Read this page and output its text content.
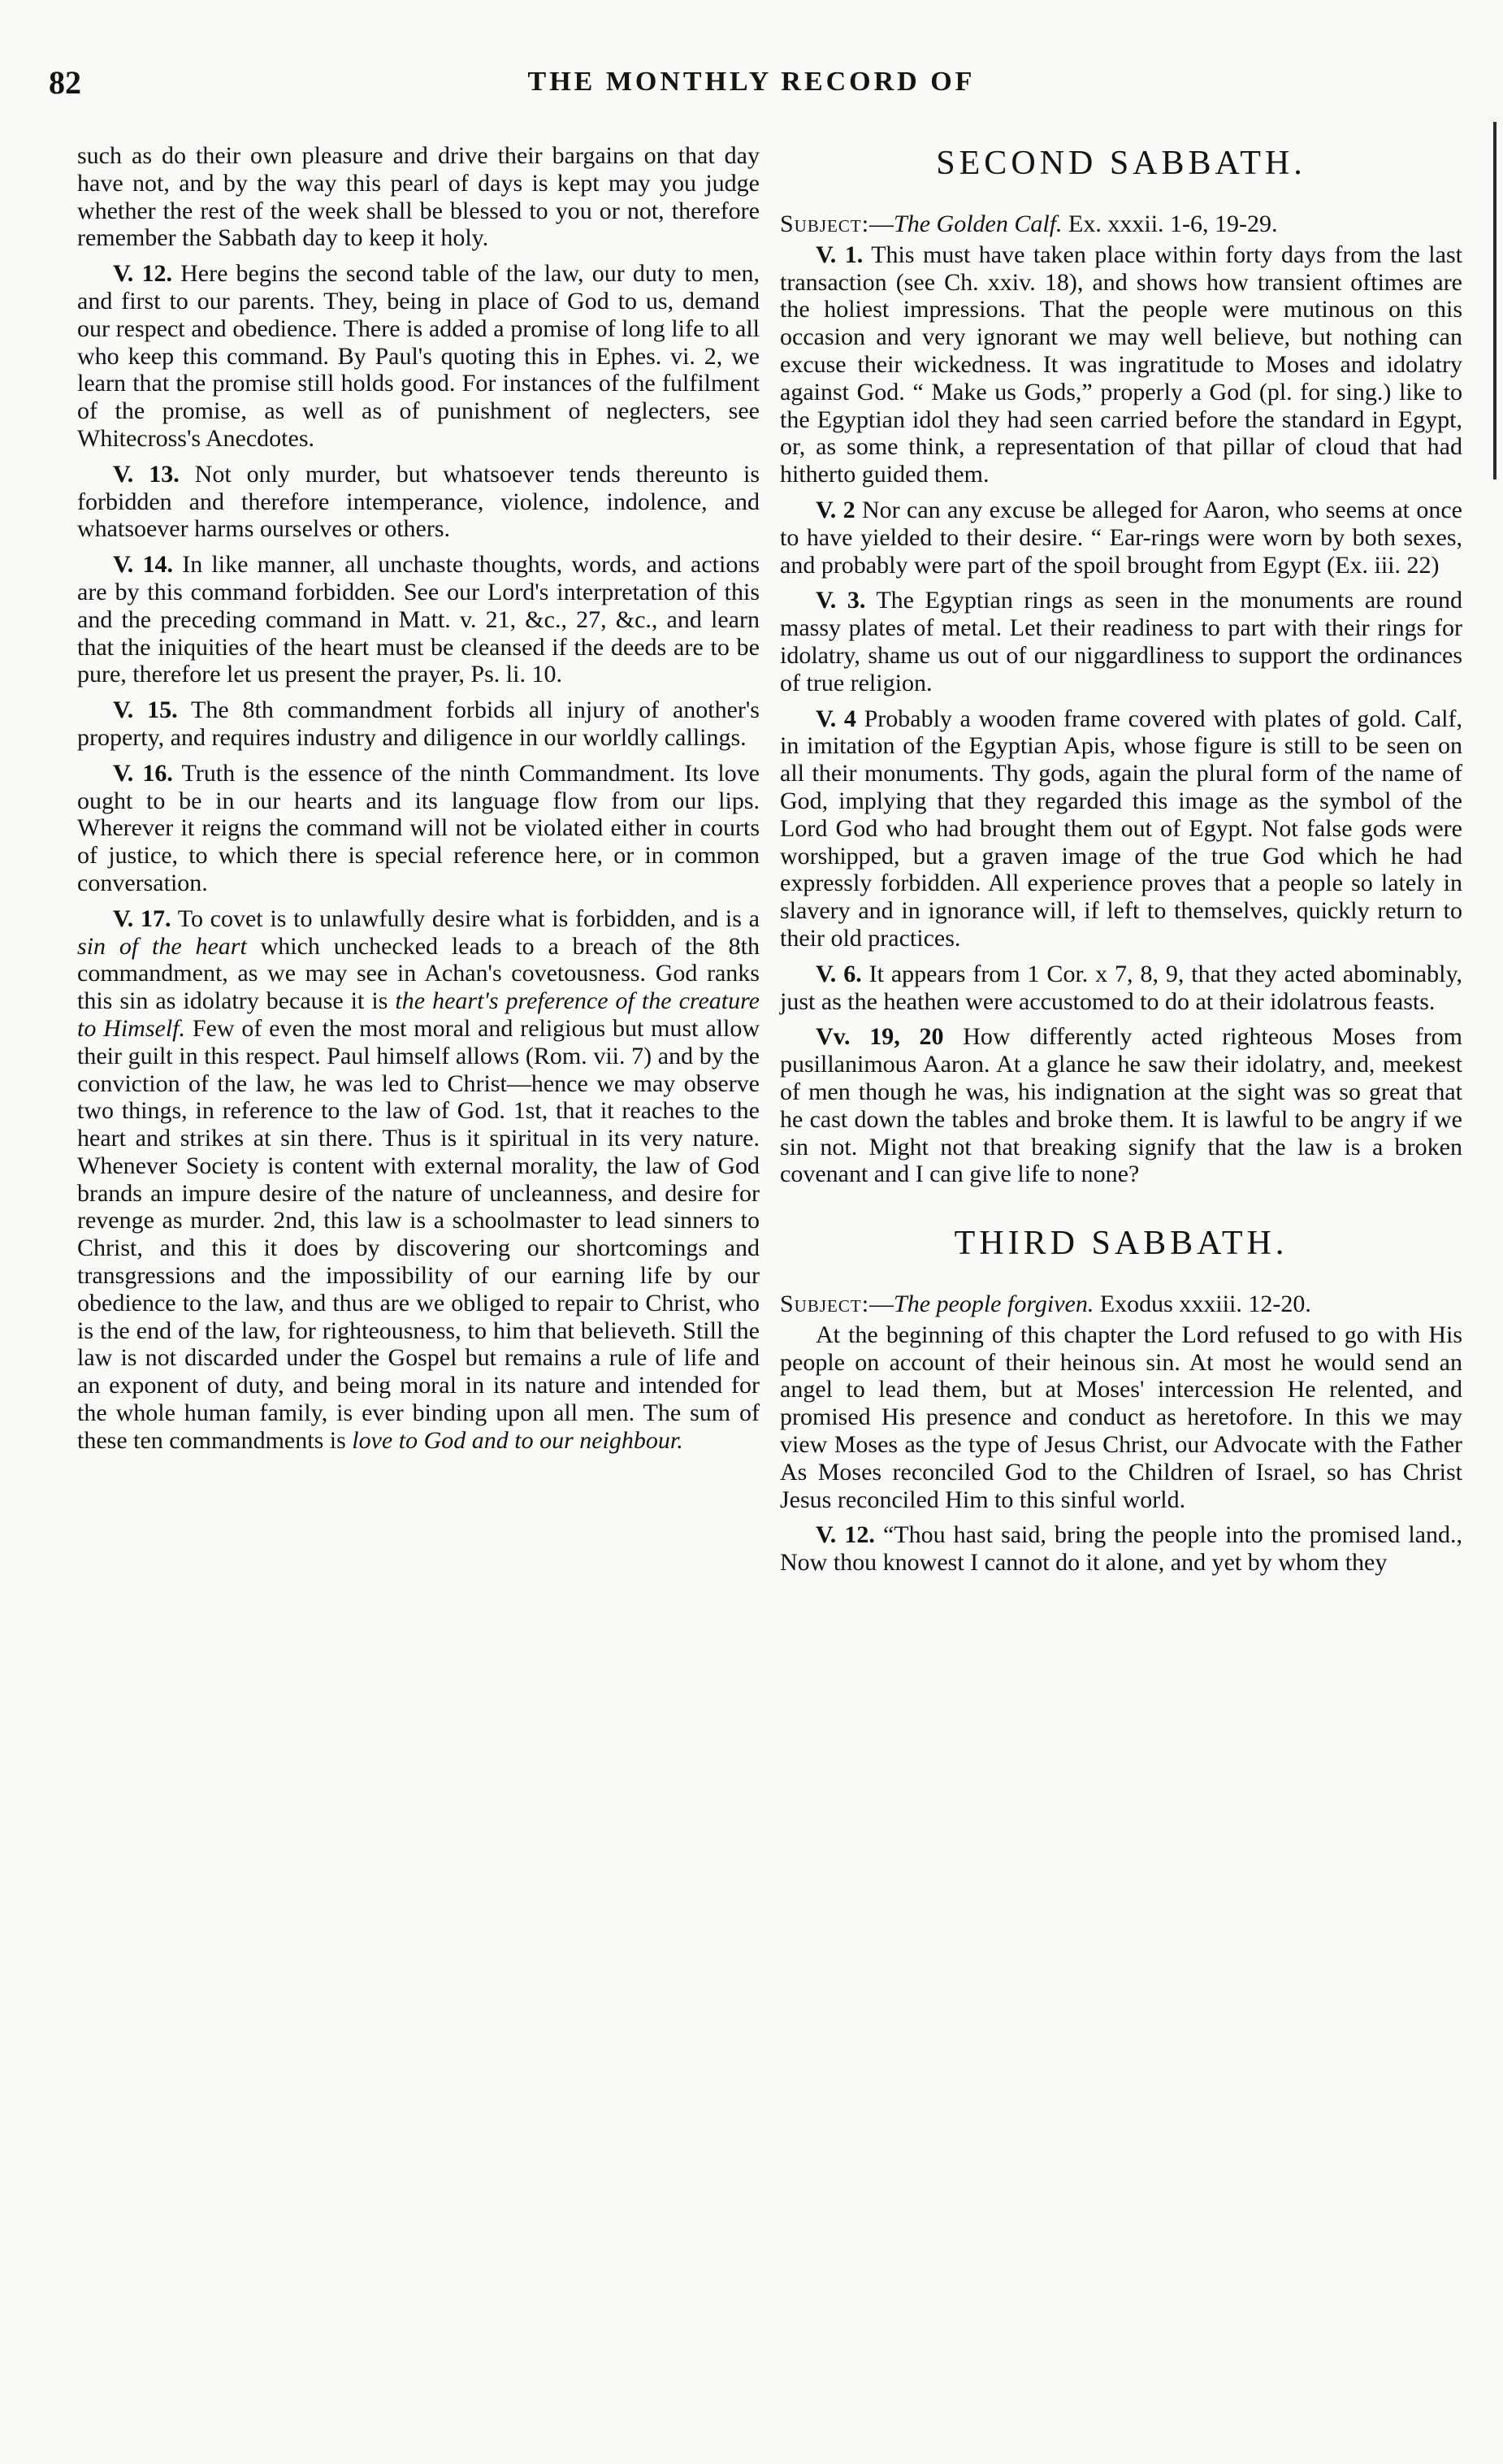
82	THE MONTHLY RECORD OF

such as do their own pleasure and drive their bargains on that day have not, and by the way this pearl of days is kept may you judge whether the rest of the week shall be blessed to you or not, therefore remember the Sabbath day to keep it holy.

V. 12. Here begins the second table of the law, our duty to men, and first to our parents. They, being in place of God to us, demand our respect and obedience. There is added a promise of long life to all who keep this command. By Paul's quoting this in Ephes. vi. 2, we learn that the promise still holds good. For instances of the fulfilment of the promise, as well as of punishment of neglecters, see Whitecross's Anecdotes.

V. 13. Not only murder, but whatsoever tends thereunto is forbidden and therefore intemperance, violence, indolence, and whatsoever harms ourselves or others.

V. 14. In like manner, all unchaste thoughts, words, and actions are by this command forbidden. See our Lord's interpretation of this and the preceding command in Matt. v. 21, &c., 27, &c., and learn that the iniquities of the heart must be cleansed if the deeds are to be pure, therefore let us present the prayer, Ps. li. 10.

V. 15. The 8th commandment forbids all injury of another's property, and requires industry and diligence in our worldly callings.

V. 16. Truth is the essence of the ninth Commandment. Its love ought to be in our hearts and its language flow from our lips. Wherever it reigns the command will not be violated either in courts of justice, to which there is special reference here, or in common conversation.

V. 17. To covet is to unlawfully desire what is forbidden, and is a sin of the heart which unchecked leads to a breach of the 8th commandment, as we may see in Achan's covetousness. God ranks this sin as idolatry because it is the heart's preference of the creature to Himself. Few of even the most moral and religious but must allow their guilt in this respect. Paul himself allows (Rom. vii. 7) and by the conviction of the law, he was led to Christ—hence we may observe two things, in reference to the law of God. 1st, that it reaches to the heart and strikes at sin there. Thus is it spiritual in its very nature. Whenever Society is content with external morality, the law of God brands an impure desire of the nature of uncleanness, and desire for revenge as murder. 2nd, this law is a schoolmaster to lead sinners to Christ, and this it does by discovering our shortcomings and transgressions and the impossibility of our earning life by our obedience to the law, and thus are we obliged to repair to Christ, who is the end of the law, for righteousness, to him that believeth. Still the law is not discarded under the Gospel but remains a rule of life and an exponent of duty, and being moral in its nature and intended for the whole human family, is ever binding upon all men. The sum of these ten commandments is love to God and to our neighbour.

SECOND SABBATH.

Subject:—The Golden Calf. Ex. xxxii. 1-6, 19-29.

V. 1. This must have taken place within forty days from the last transaction (see Ch. xxiv. 18), and shows how transient oftimes are the holiest impressions. That the people were mutinous on this occasion and very ignorant we may well believe, but nothing can excuse their wickedness. It was ingratitude to Moses and idolatry against God. “ Make us Gods,” properly a God (pl. for sing.) like to the Egyptian idol they had seen carried before the standard in Egypt, or, as some think, a representation of that pillar of cloud that had hitherto guided them.

V. 2 Nor can any excuse be alleged for Aaron, who seems at once to have yielded to their desire. “ Ear-rings were worn by both sexes, and probably were part of the spoil brought from Egypt (Ex. iii. 22)

V. 3. The Egyptian rings as seen in the monuments are round massy plates of metal. Let their readiness to part with their rings for idolatry, shame us out of our niggardliness to support the ordinances of true religion.

V. 4 Probably a wooden frame covered with plates of gold. Calf, in imitation of the Egyptian Apis, whose figure is still to be seen on all their monuments. Thy gods, again the plural form of the name of God, implying that they regarded this image as the symbol of the Lord God who had brought them out of Egypt. Not false gods were worshipped, but a graven image of the true God which he had expressly forbidden. All experience proves that a people so lately in slavery and in ignorance will, if left to themselves, quickly return to their old practices.

V. 6. It appears from 1 Cor. x 7, 8, 9, that they acted abominably, just as the heathen were accustomed to do at their idolatrous feasts.

Vv. 19, 20 How differently acted righteous Moses from pusillanimous Aaron. At a glance he saw their idolatry, and, meekest of men though he was, his indignation at the sight was so great that he cast down the tables and broke them. It is lawful to be angry if we sin not. Might not that breaking signify that the law is a broken covenant and I can give life to none?

THIRD SABBATH.

Subject:—The people forgiven. Exodus xxxiii. 12-20.

At the beginning of this chapter the Lord refused to go with His people on account of their heinous sin. At most he would send an angel to lead them, but at Moses' intercession He relented, and promised His presence and conduct as heretofore. In this we may view Moses as the type of Jesus Christ, our Advocate with the Father As Moses reconciled God to the Children of Israel, so has Christ Jesus reconciled Him to this sinful world.

V. 12. “Thou hast said, bring the people into the promised land., Now thou knowest I cannot do it alone, and yet by whom they
